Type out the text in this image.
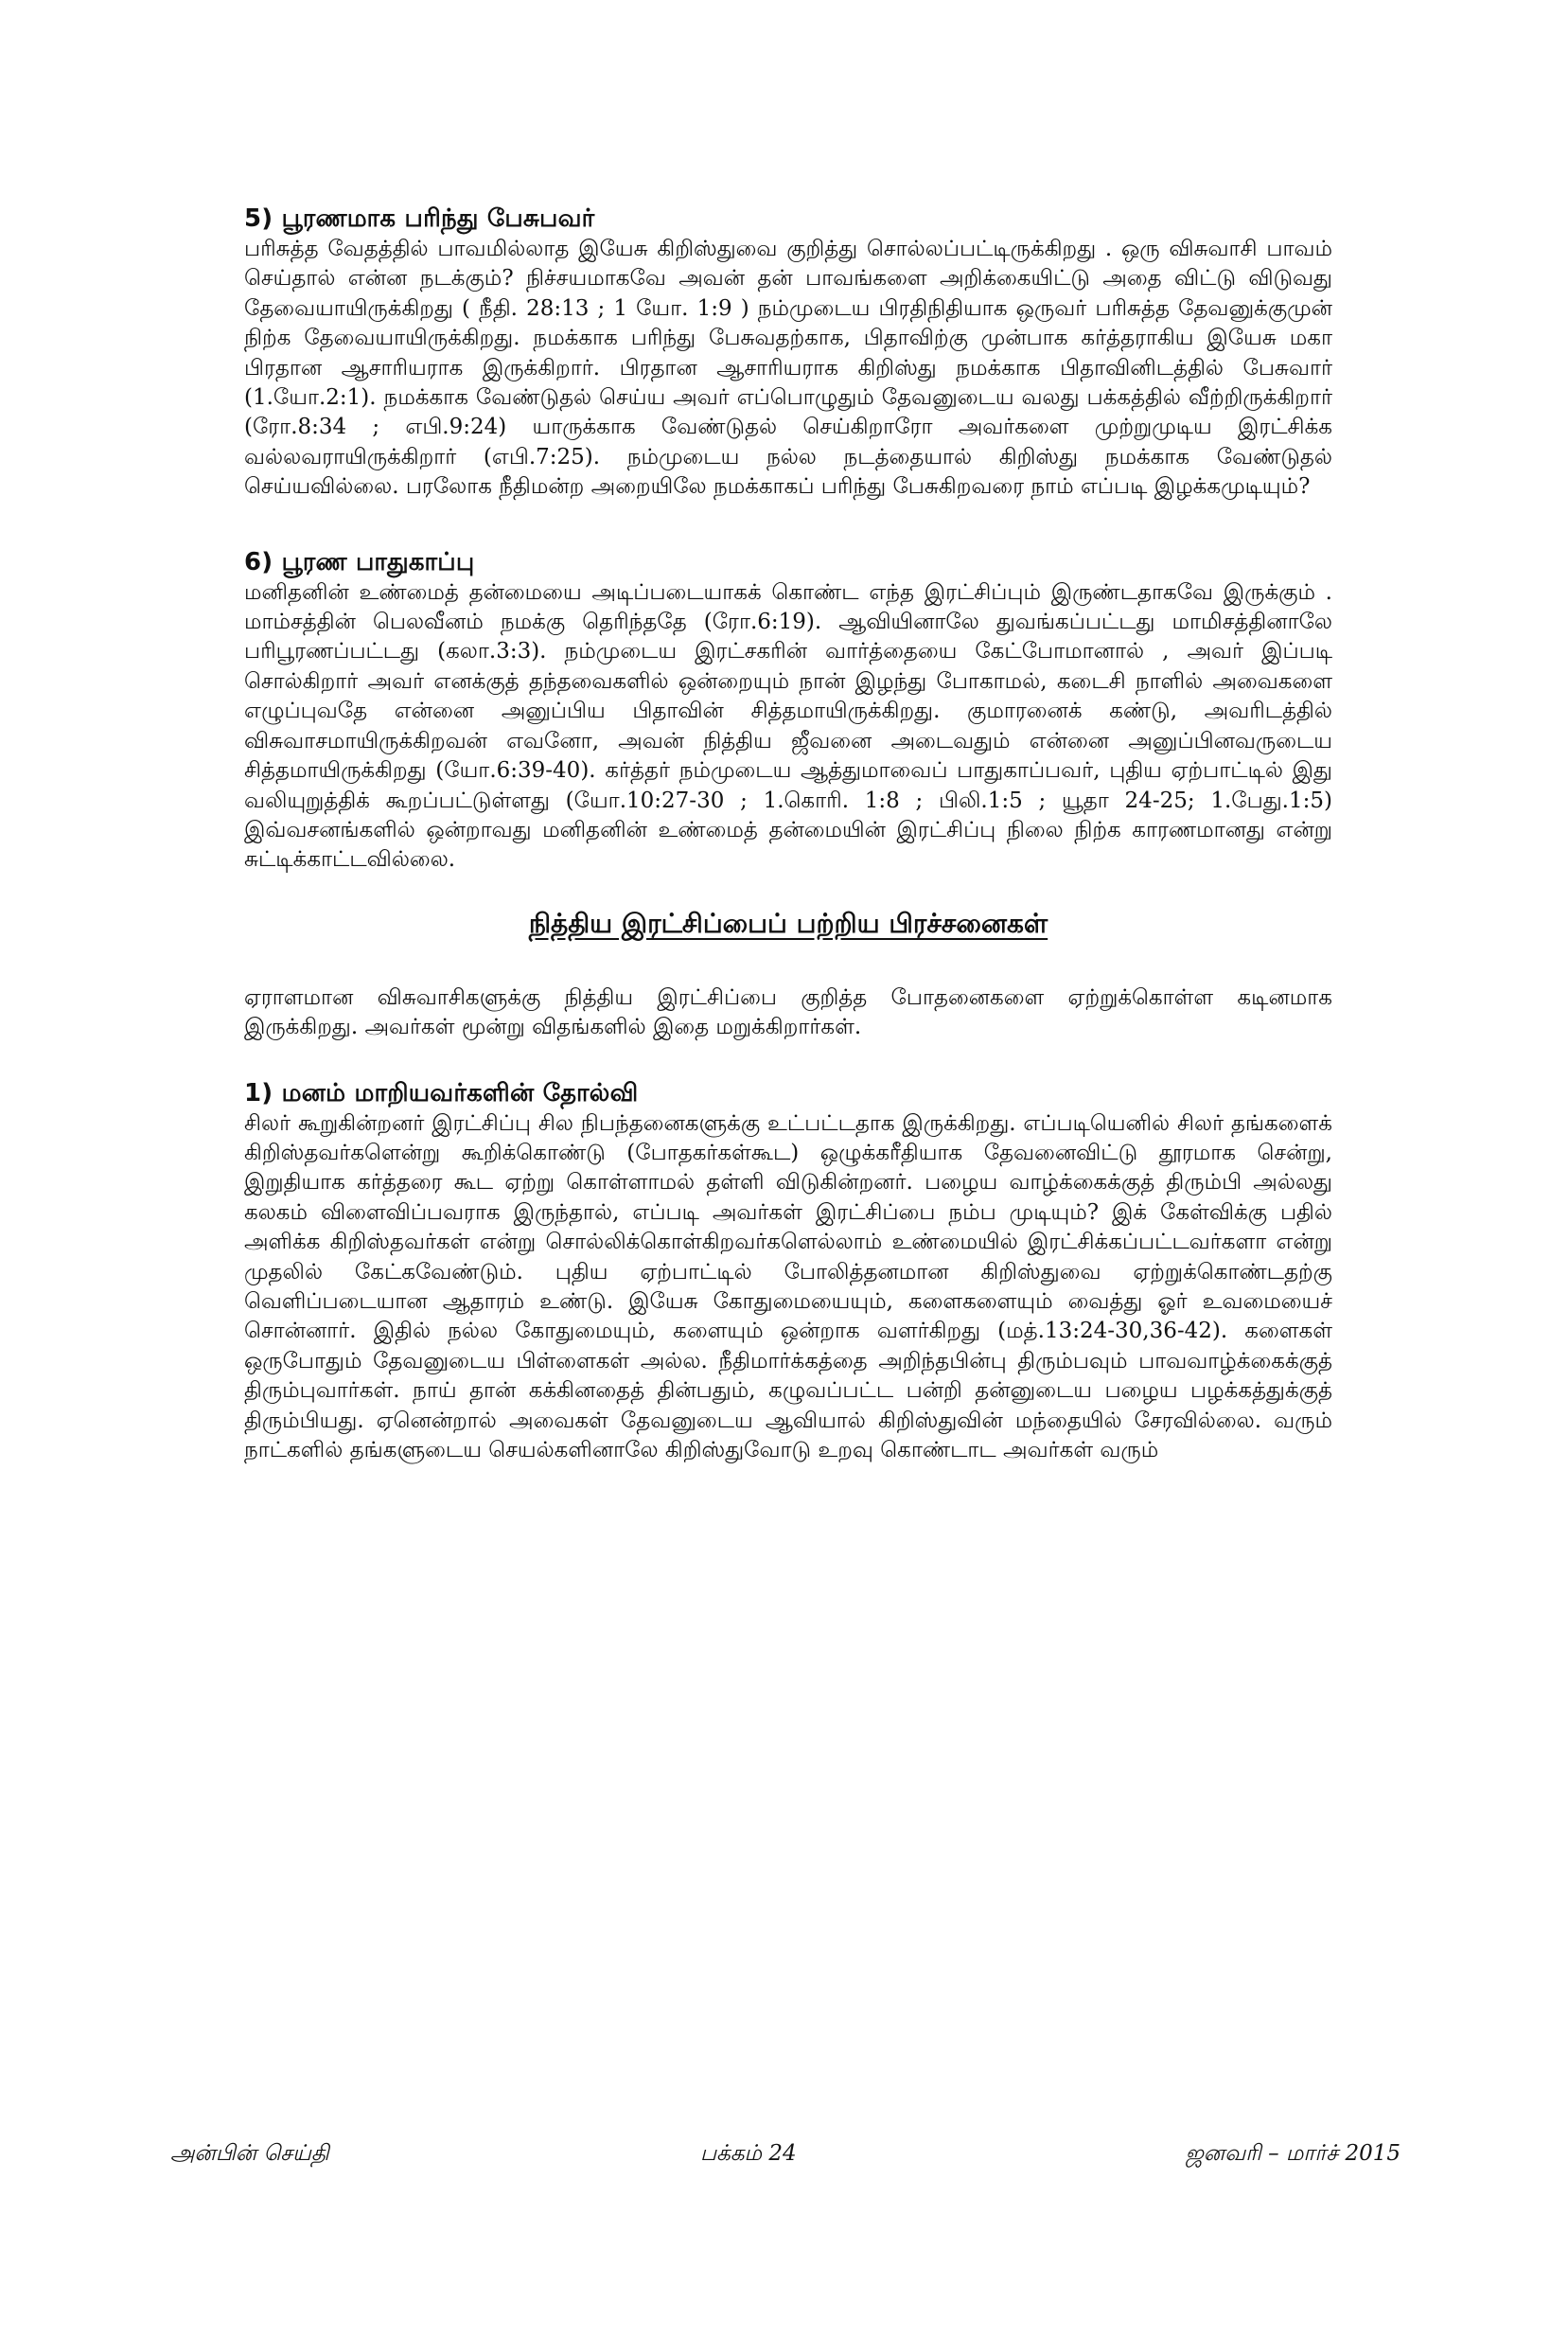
5) பூரணமாக பரிந்து பேசுபவர்

பரிசுத்த வேதத்தில் பாவமில்லாத இயேசு கிறிஸ்துவை குறித்து சொல்லப்பட்டிருக்கிறது . ஒரு விசுவாசி பாவம் செய்தால் என்ன நடக்கும்? நிச்சயமாகவே அவன் தன் பாவங்களை அறிக்கையிட்டு அதை விட்டு விடுவது தேவையாயிருக்கிறது ( நீதி. 28:13 ; 1 யோ. 1:9 ) நம்முடைய பிரதிநிதியாக ஒருவர் பரிசுத்த தேவனுக்குமுன் நிற்க தேவையாயிருக்கிறது. நமக்காக பரிந்து பேசுவதற்காக, பிதாவிற்கு முன்பாக கர்த்தராகிய இயேசு மகா பிரதான ஆசாரியராக இருக்கிறார். பிரதான ஆசாரியராக கிறிஸ்து நமக்காக பிதாவினிடத்தில் பேசுவார் (1.யோ.2:1). நமக்காக வேண்டுதல் செய்ய அவர் எப்பொழுதும் தேவனுடைய வலது பக்கத்தில் வீற்றிருக்கிறார் (ரோ.8:34 ; எபி.9:24) யாருக்காக வேண்டுதல் செய்கிறாரோ அவர்களை முற்றுமுடிய இரட்சிக்க வல்லவராயிருக்கிறார் (எபி.7:25). நம்முடைய நல்ல நடத்தையால் கிறிஸ்து நமக்காக வேண்டுதல் செய்யவில்லை. பரலோக நீதிமன்ற அறையிலே நமக்காகப் பரிந்து பேசுகிறவரை நாம் எப்படி இழக்கமுடியும்?

6) பூரண பாதுகாப்பு

மனிதனின் உண்மைத் தன்மையை அடிப்படையாகக் கொண்ட எந்த இரட்சிப்பும் இருண்டதாகவே இருக்கும் . மாம்சத்தின் பெலவீனம் நமக்கு தெரிந்ததே (ரோ.6:19). ஆவியினாலே துவங்கப்பட்டது மாமிசத்தினாலே பரிபூரணப்பட்டது (கலா.3:3). நம்முடைய இரட்சகரின் வார்த்தையை கேட்போமானால் , அவர் இப்படி சொல்கிறார் அவர் எனக்குத் தந்தவைகளில் ஒன்றையும் நான் இழந்து போகாமல், கடைசி நாளில் அவைகளை எழுப்புவதே என்னை அனுப்பிய பிதாவின் சித்தமாயிருக்கிறது. குமாரனைக் கண்டு, அவரிடத்தில் விசுவாசமாயிருக்கிறவன் எவனோ, அவன் நித்திய ஜீவனை அடைவதும் என்னை அனுப்பினவருடைய சித்தமாயிருக்கிறது (யோ.6:39-40). கர்த்தர் நம்முடைய ஆத்துமாவைப் பாதுகாப்பவர், புதிய ஏற்பாட்டில் இது வலியுறுத்திக் கூறப்பட்டுள்ளது (யோ.10:27-30 ; 1.கொரி. 1:8 ; பிலி.1:5 ; யூதா 24-25; 1.பேது.1:5) இவ்வசனங்களில் ஒன்றாவது மனிதனின் உண்மைத் தன்மையின் இரட்சிப்பு நிலை நிற்க காரணமானது என்று சுட்டிக்காட்டவில்லை.

நித்திய இரட்சிப்பைப் பற்றிய பிரச்சனைகள்

ஏராளமான விசுவாசிகளுக்கு நித்திய இரட்சிப்பை குறித்த போதனைகளை ஏற்றுக்கொள்ள கடினமாக இருக்கிறது. அவர்கள் மூன்று விதங்களில் இதை மறுக்கிறார்கள்.

1) மனம் மாறியவர்களின் தோல்வி

சிலர் கூறுகின்றனர் இரட்சிப்பு சில நிபந்தனைகளுக்கு உட்பட்டதாக இருக்கிறது. எப்படியெனில் சிலர் தங்களைக் கிறிஸ்தவர்களென்று கூறிக்கொண்டு (போதகர்கள்கூட) ஒழுக்கரீதியாக தேவனைவிட்டு தூரமாக சென்று, இறுதியாக கர்த்தரை கூட ஏற்று கொள்ளாமல் தள்ளி விடுகின்றனர். பழைய வாழ்க்கைக்குத் திரும்பி அல்லது கலகம் விளைவிப்பவராக இருந்தால், எப்படி அவர்கள் இரட்சிப்பை நம்ப முடியும்? இக் கேள்விக்கு பதில் அளிக்க கிறிஸ்தவர்கள் என்று சொல்லிக்கொள்கிறவர்களெல்லாம் உண்மையில் இரட்சிக்கப்பட்டவர்களா என்று முதலில் கேட்கவேண்டும். புதிய ஏற்பாட்டில் போலித்தனமான கிறிஸ்துவை ஏற்றுக்கொண்டதற்கு வெளிப்படையான ஆதாரம் உண்டு. இயேசு கோதுமையையும், களைகளையும் வைத்து ஓர் உவமையைச் சொன்னார். இதில் நல்ல கோதுமையும், களையும் ஒன்றாக வளர்கிறது (மத்.13:24-30,36-42). களைகள் ஒருபோதும் தேவனுடைய பிள்ளைகள் அல்ல. நீதிமார்க்கத்தை அறிந்தபின்பு திரும்பவும் பாவவாழ்க்கைக்குத் திரும்புவார்கள். நாய் தான் கக்கினதைத் தின்பதும், கழுவப்பட்ட பன்றி தன்னுடைய பழைய பழக்கத்துக்குத் திரும்பியது. ஏனென்றால் அவைகள் தேவனுடைய ஆவியால் கிறிஸ்துவின் மந்தையில் சேரவில்லை. வரும் நாட்களில் தங்களுடைய செயல்களினாலே கிறிஸ்துவோடு உறவு கொண்டாட அவர்கள் வரும்

அன்பின் செய்தி	பக்கம் 24	ஜனவரி – மார்ச் 2015
